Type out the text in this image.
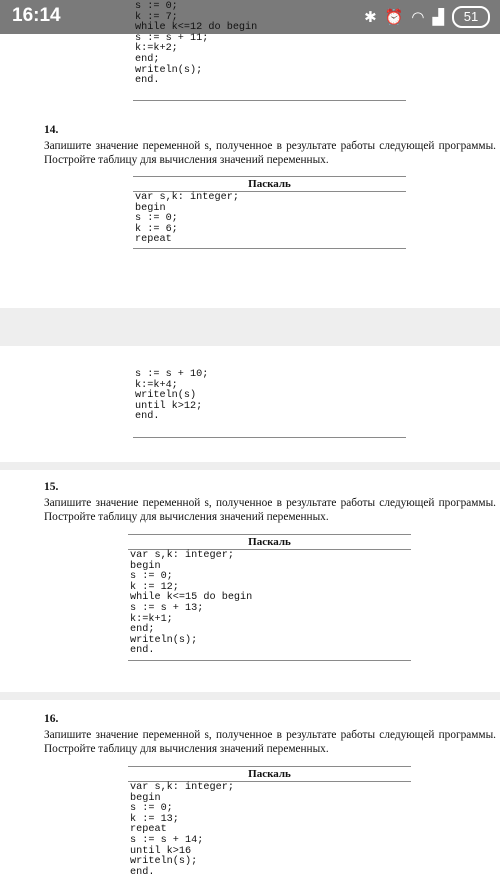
16:14	✱ ⏰ ◠ ▟	51
s := 0;
k := 7;
while k<=12 do begin
s := s + 11;
k:=k+2;
end;
writeln(s);
end.
14.
Запишите значение переменной s, полученное в результате работы следующей программы. Постройте таблицу для вычисления значений переменных.
Паскаль
var s,k: integer;
begin
s := 0;
k := 6;
repeat
s := s + 10;
k:=k+4;
writeln(s)
until k>12;
end.
15.
Запишите значение переменной s, полученное в результате работы следующей программы. Постройте таблицу для вычисления значений переменных.
Паскаль
var s,k: integer;
begin
s := 0;
k := 12;
while k<=15 do begin
s := s + 13;
k:=k+1;
end;
writeln(s);
end.
16.
Запишите значение переменной s, полученное в результате работы следующей программы. Постройте таблицу для вычисления значений переменных.
Паскаль
var s,k: integer;
begin
s := 0;
k := 13;
repeat
s := s + 14;
until k>16
writeln(s);
end.
